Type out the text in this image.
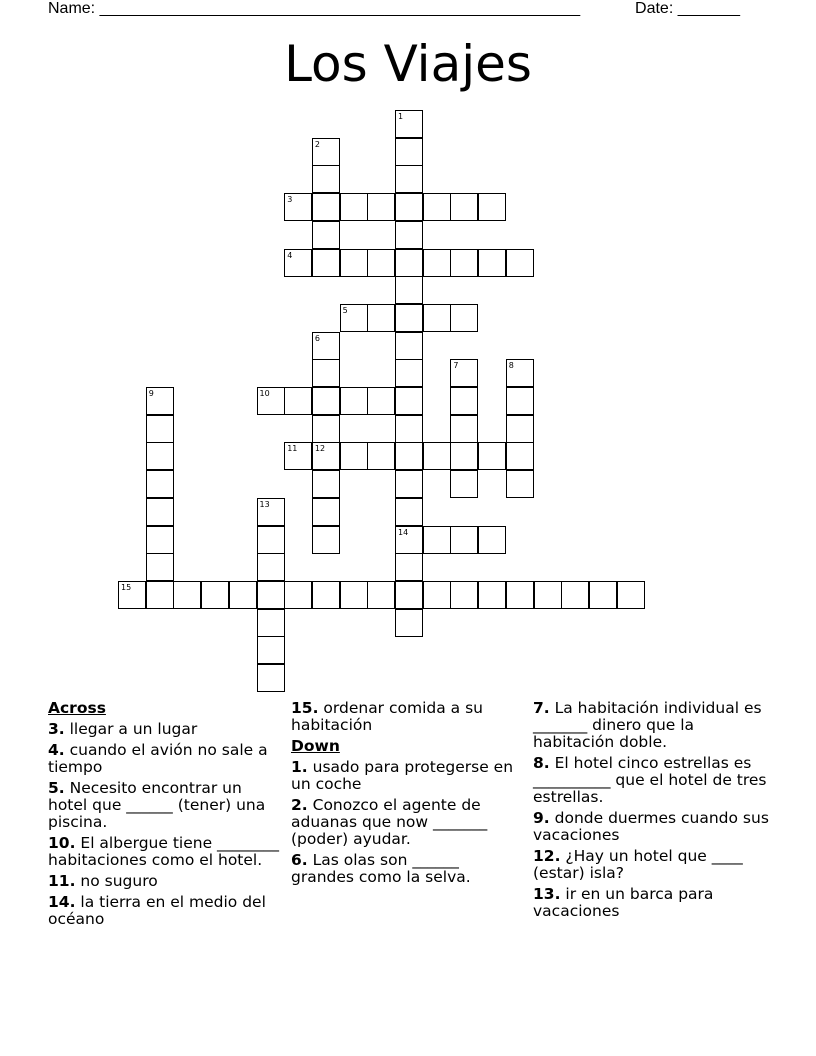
Name: ______________________________________________________	Date: _______
Los Viajes
1
14
2
3
4
5
6
12
7	8
9	10
11
13
15
Across
3. llegar a un lugar
4. cuando el avión no sale a tiempo
5. Necesito encontrar un hotel que ______ (tener) una piscina.
10. El albergue tiene ________ habitaciones como el hotel.
11. no suguro
14. la tierra en el medio del océano
15. ordenar comida a su habitación
Down
1. usado para protegerse en un coche
2. Conozco el agente de aduanas que now _______ (poder) ayudar.
6. Las olas son ______ grandes como la selva.
7. La habitación individual es _______ dinero que la habitación doble.
8. El hotel cinco estrellas es __________ que el hotel de tres estrellas.
9. donde duermes cuando sus vacaciones
12. ¿Hay un hotel que ____ (estar) isla?
13. ir en un barca para vacaciones
